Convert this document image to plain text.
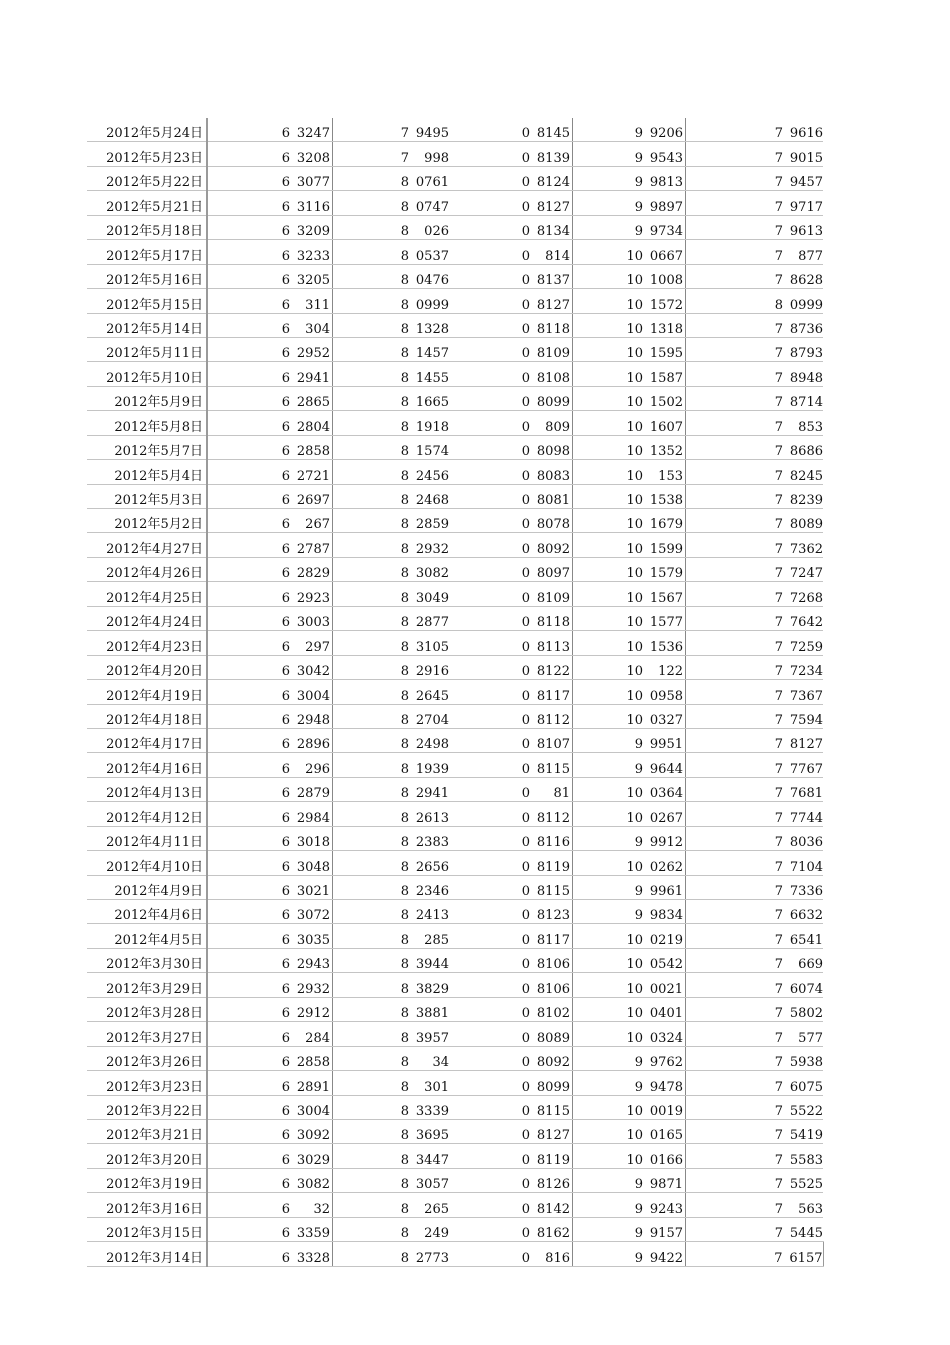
2012年5月24日	6 3247	7 9495	0 8145	9 9206	7 9616
2012年5月23日	6 3208	7 998	0 8139	9 9543	7 9015
2012年5月22日	6 3077	8 0761	0 8124	9 9813	7 9457
2012年5月21日	6 3116	8 0747	0 8127	9 9897	7 9717
2012年5月18日	6 3209	8 026	0 8134	9 9734	7 9613
2012年5月17日	6 3233	8 0537	0 814	10 0667	7 877
2012年5月16日	6 3205	8 0476	0 8137	10 1008	7 8628
2012年5月15日	6 311	8 0999	0 8127	10 1572	8 0999
2012年5月14日	6 304	8 1328	0 8118	10 1318	7 8736
2012年5月11日	6 2952	8 1457	0 8109	10 1595	7 8793
2012年5月10日	6 2941	8 1455	0 8108	10 1587	7 8948
2012年5月9日	6 2865	8 1665	0 8099	10 1502	7 8714
2012年5月8日	6 2804	8 1918	0 809	10 1607	7 853
2012年5月7日	6 2858	8 1574	0 8098	10 1352	7 8686
2012年5月4日	6 2721	8 2456	0 8083	10 153	7 8245
2012年5月3日	6 2697	8 2468	0 8081	10 1538	7 8239
2012年5月2日	6 267	8 2859	0 8078	10 1679	7 8089
2012年4月27日	6 2787	8 2932	0 8092	10 1599	7 7362
2012年4月26日	6 2829	8 3082	0 8097	10 1579	7 7247
2012年4月25日	6 2923	8 3049	0 8109	10 1567	7 7268
2012年4月24日	6 3003	8 2877	0 8118	10 1577	7 7642
2012年4月23日	6 297	8 3105	0 8113	10 1536	7 7259
2012年4月20日	6 3042	8 2916	0 8122	10 122	7 7234
2012年4月19日	6 3004	8 2645	0 8117	10 0958	7 7367
2012年4月18日	6 2948	8 2704	0 8112	10 0327	7 7594
2012年4月17日	6 2896	8 2498	0 8107	9 9951	7 8127
2012年4月16日	6 296	8 1939	0 8115	9 9644	7 7767
2012年4月13日	6 2879	8 2941	0 81	10 0364	7 7681
2012年4月12日	6 2984	8 2613	0 8112	10 0267	7 7744
2012年4月11日	6 3018	8 2383	0 8116	9 9912	7 8036
2012年4月10日	6 3048	8 2656	0 8119	10 0262	7 7104
2012年4月9日	6 3021	8 2346	0 8115	9 9961	7 7336
2012年4月6日	6 3072	8 2413	0 8123	9 9834	7 6632
2012年4月5日	6 3035	8 285	0 8117	10 0219	7 6541
2012年3月30日	6 2943	8 3944	0 8106	10 0542	7 669
2012年3月29日	6 2932	8 3829	0 8106	10 0021	7 6074
2012年3月28日	6 2912	8 3881	0 8102	10 0401	7 5802
2012年3月27日	6 284	8 3957	0 8089	10 0324	7 577
2012年3月26日	6 2858	8 34	0 8092	9 9762	7 5938
2012年3月23日	6 2891	8 301	0 8099	9 9478	7 6075
2012年3月22日	6 3004	8 3339	0 8115	10 0019	7 5522
2012年3月21日	6 3092	8 3695	0 8127	10 0165	7 5419
2012年3月20日	6 3029	8 3447	0 8119	10 0166	7 5583
2012年3月19日	6 3082	8 3057	0 8126	9 9871	7 5525
2012年3月16日	6 32	8 265	0 8142	9 9243	7 563
2012年3月15日	6 3359	8 249	0 8162	9 9157	7 5445
2012年3月14日	6 3328	8 2773	0 816	9 9422	7 6157
